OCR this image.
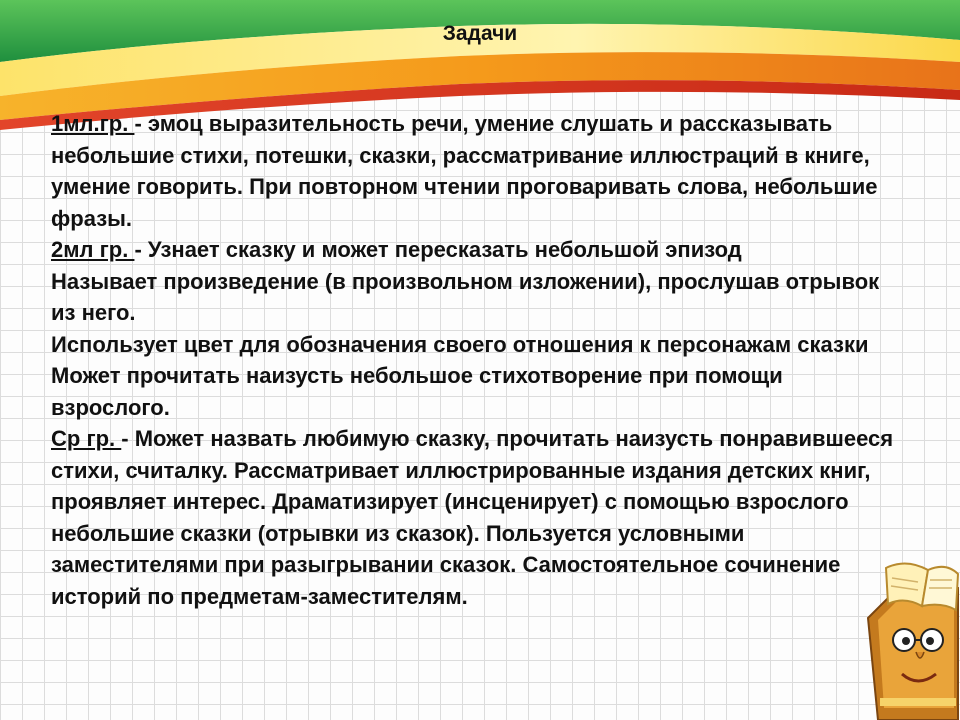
Задачи

1мл.гр. - эмоц выразительность речи, умение слушать и рассказывать небольшие стихи, потешки, сказки, рассматривание иллюстраций в книге, умение говорить. При повторном чтении проговаривать слова, небольшие фразы.

2мл гр. - Узнает сказку и может пересказать небольшой эпизод

Называет произведение (в произвольном изложении), прослушав отрывок из него.

Использует цвет для обозначения своего отношения к персонажам сказки

Может прочитать наизусть небольшое стихотворение при помощи взрослого.

Ср гр. - Может назвать любимую сказку, прочитать наизусть понравившееся стихи, считалку. Рассматривает иллюстрированные издания детских книг, проявляет интерес. Драматизирует (инсценирует) с помощью взрослого небольшие сказки (отрывки из сказок). Пользуется условными заместителями при разыгрывании сказок. Самостоятельное сочинение историй по предметам-заместителям.
